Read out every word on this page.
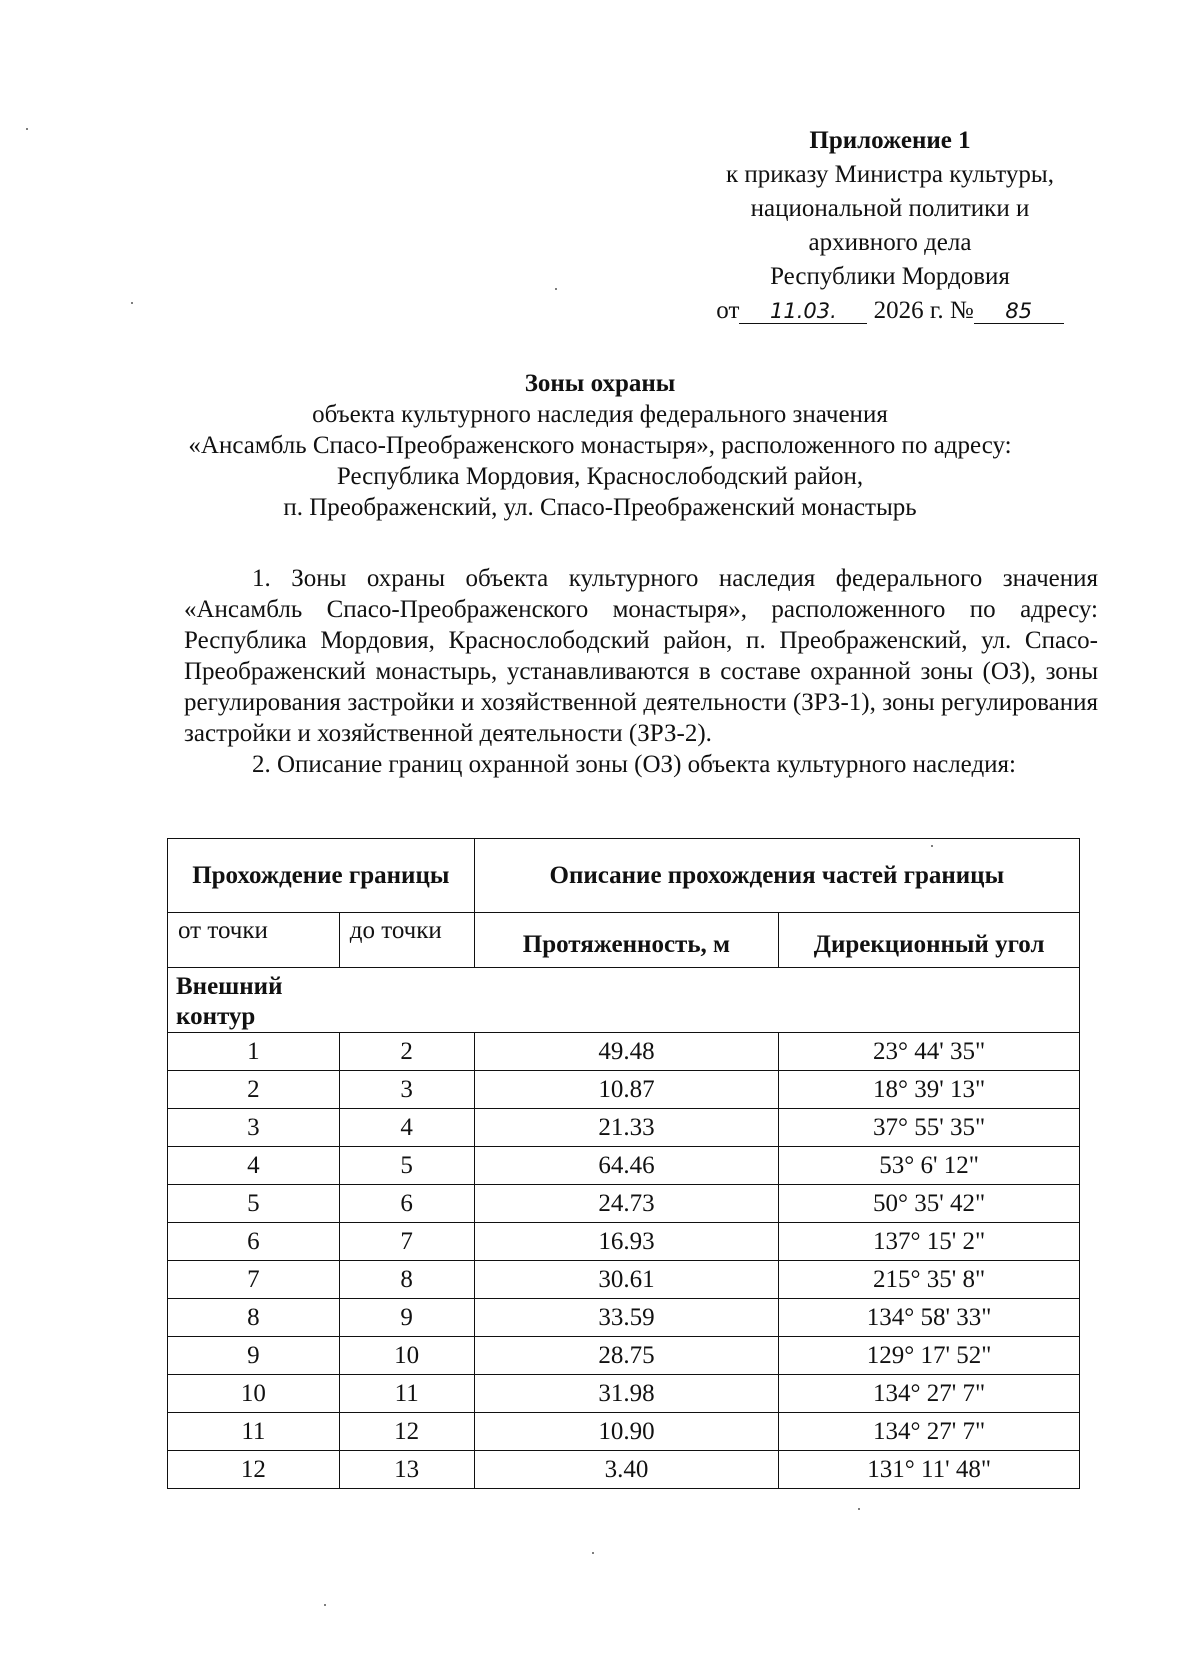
Приложение 1
к приказу Министра культуры,
национальной политики и
архивного дела
Республики Мордовия
от 11.03. 2026 г. № 85
Зоны охраны
объекта культурного наследия федерального значения
«Ансамбль Спасо-Преображенского монастыря», расположенного по адресу:
Республика Мордовия, Краснослободский район,
п. Преображенский, ул. Спасо-Преображенский монастырь

1. Зоны охраны объекта культурного наследия федерального значения «Ансамбль Спасо-Преображенского монастыря», расположенного по адресу: Республика Мордовия, Краснослободский район, п. Преображенский, ул. Спасо-Преображенский монастырь, устанавливаются в составе охранной зоны (ОЗ), зоны регулирования застройки и хозяйственной деятельности (ЗРЗ-1), зоны регулирования застройки и хозяйственной деятельности (ЗРЗ-2).

2. Описание границ охранной зоны (ОЗ) объекта культурного наследия:

Прохождение границы		Описание прохождения частей границы	
от точки	до точки	Протяженность, м	Дирекционный угол
Внешний контур			
1	2	49.48	23° 44' 35"
2	3	10.87	18° 39' 13"
3	4	21.33	37° 55' 35"
4	5	64.46	53° 6' 12"
5	6	24.73	50° 35' 42"
6	7	16.93	137° 15' 2"
7	8	30.61	215° 35' 8"
8	9	33.59	134° 58' 33"
9	10	28.75	129° 17' 52"
10	11	31.98	134° 27' 7"
11	12	10.90	134° 27' 7"
12	13	3.40	131° 11' 48"
